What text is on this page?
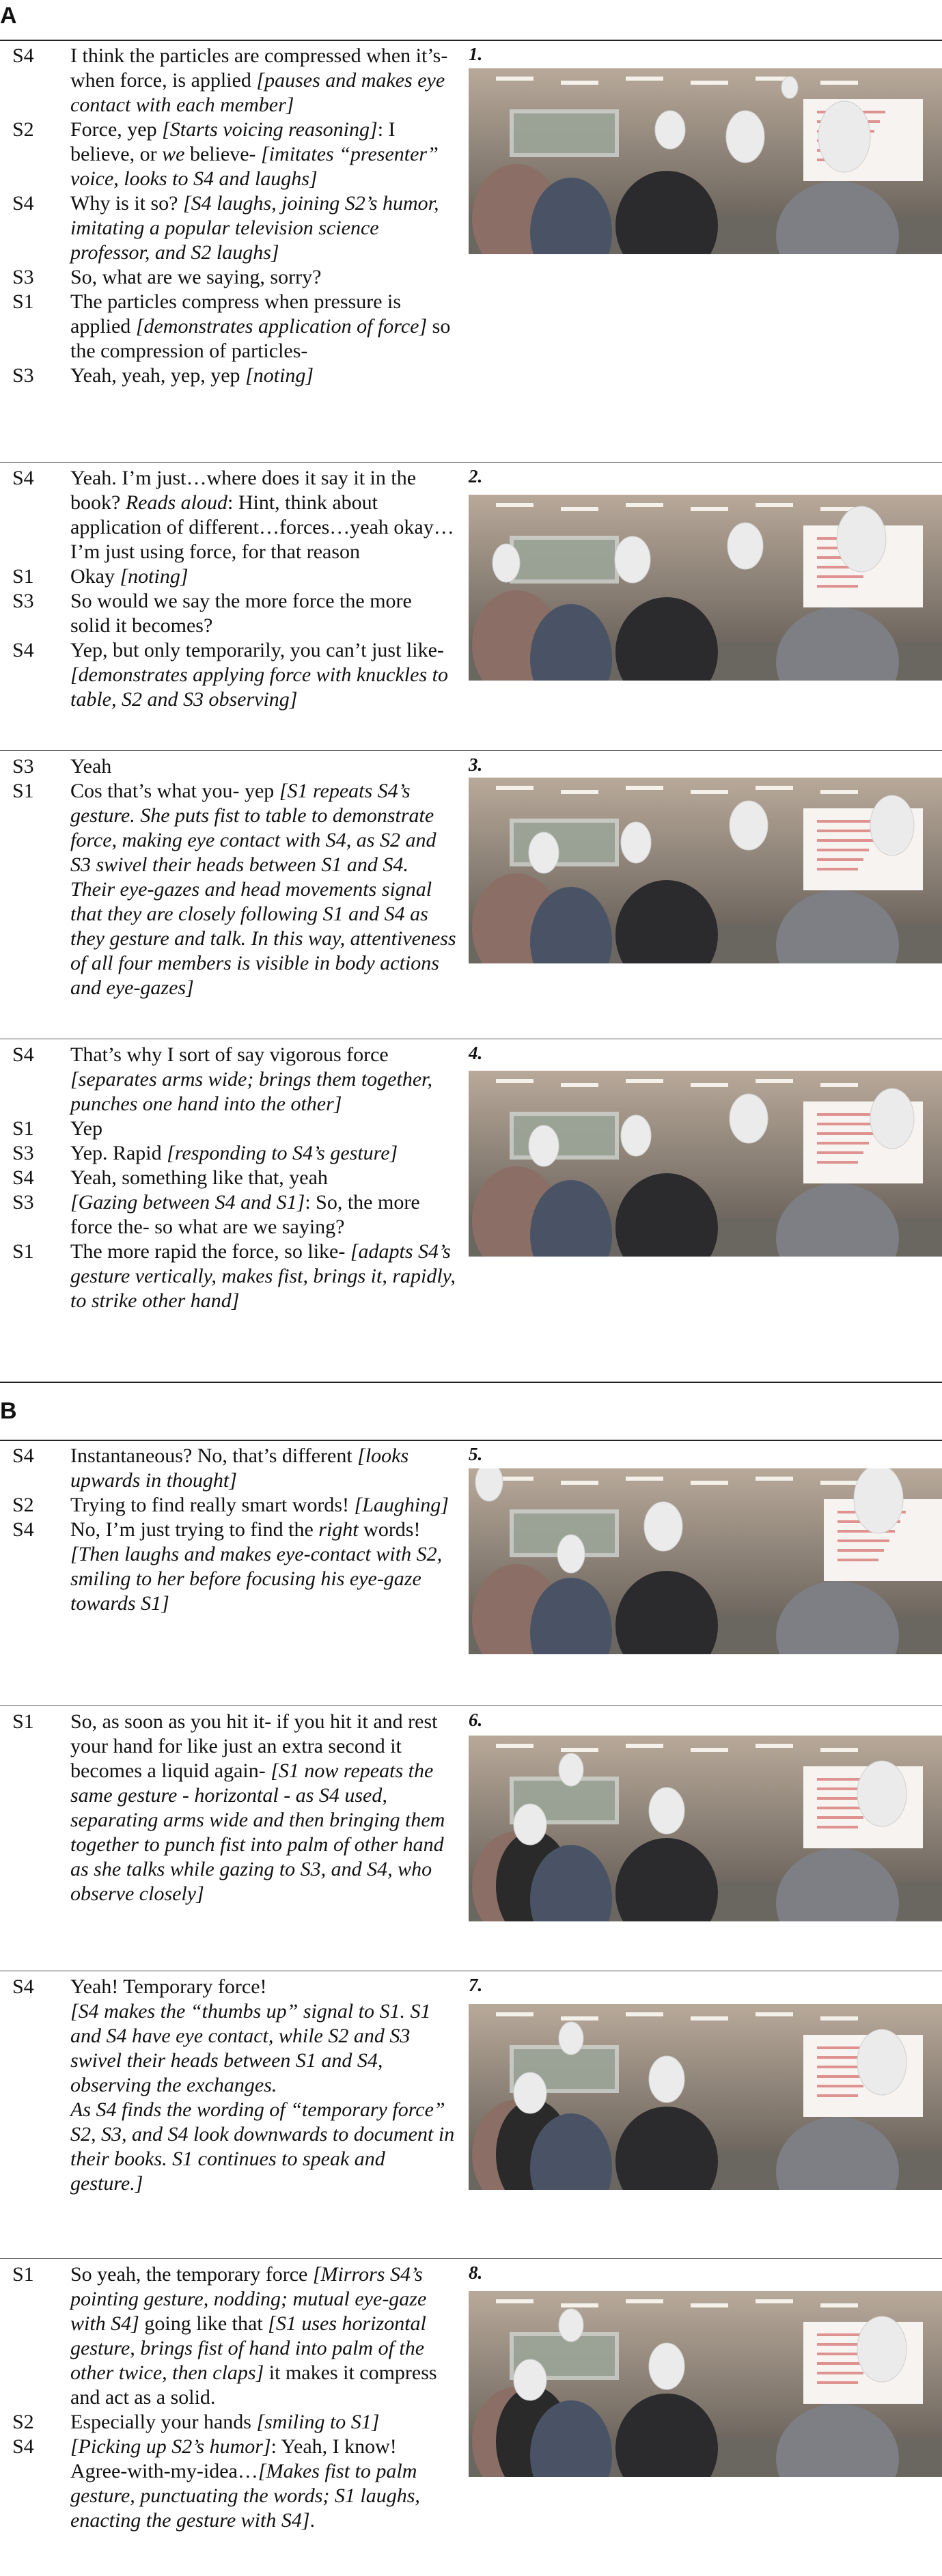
A
B
S4	I think the particles are compressed when it’s- when force, is applied [pauses and makes eye contact with each member]
S2	Force, yep [Starts voicing reasoning]: I believe, or we believe- [imitates “presenter” voice, looks to S4 and laughs]
S4	Why is it so? [S4 laughs, joining S2’s humor, imitating a popular television science professor, and S2 laughs]
S3	So, what are we saying, sorry?
S1	The particles compress when pressure is applied [demonstrates application of force] so the compression of particles-
S3	Yeah, yeah, yep, yep [noting]
1.
S4	Yeah. I’m just…where does it say it in the book? Reads aloud: Hint, think about application of different…forces…yeah okay…I’m just using force, for that reason
S1	Okay [noting]
S3	So would we say the more force the more solid it becomes?
S4	Yep, but only temporarily, you can’t just like- [demonstrates applying force with knuckles to table, S2 and S3 observing]
2.
S3	Yeah
S1	Cos that’s what you- yep [S1 repeats S4’s gesture. She puts fist to table to demonstrate force, making eye contact with S4, as S2 and S3 swivel their heads between S1 and S4. Their eye-gazes and head movements signal that they are closely following S1 and S4 as they gesture and talk. In this way, attentiveness of all four members is visible in body actions and eye-gazes]
3.
S4	That’s why I sort of say vigorous force [separates arms wide; brings them together, punches one hand into the other]
S1	Yep
S3	Yep. Rapid [responding to S4’s gesture]
S4	Yeah, something like that, yeah
S3	[Gazing between S4 and S1]: So, the more force the- so what are we saying?
S1	The more rapid the force, so like- [adapts S4’s gesture vertically, makes fist, brings it, rapidly, to strike other hand]
4.
S4	Instantaneous? No, that’s different [looks upwards in thought]
S2	Trying to find really smart words! [Laughing]
S4	No, I’m just trying to find the right words! [Then laughs and makes eye-contact with S2, smiling to her before focusing his eye-gaze towards S1]
5.
S1	So, as soon as you hit it- if you hit it and rest your hand for like just an extra second it becomes a liquid again- [S1 now repeats the same gesture - horizontal - as S4 used, separating arms wide and then bringing them together to punch fist into palm of other hand as she talks while gazing to S3, and S4, who observe closely]
6.
S4	Yeah! Temporary force!
[S4 makes the “thumbs up” signal to S1. S1 and S4 have eye contact, while S2 and S3 swivel their heads between S1 and S4, observing the exchanges.
As S4 finds the wording of “temporary force” S2, S3, and S4 look downwards to document in their books. S1 continues to speak and gesture.]
7.
S1	So yeah, the temporary force [Mirrors S4’s pointing gesture, nodding; mutual eye-gaze with S4] going like that [S1 uses horizontal gesture, brings fist of hand into palm of the other twice, then claps] it makes it compress and act as a solid.
S2	Especially your hands [smiling to S1]
S4	[Picking up S2’s humor]: Yeah, I know! Agree-with-my-idea…[Makes fist to palm gesture, punctuating the words; S1 laughs, enacting the gesture with S4].
8.
